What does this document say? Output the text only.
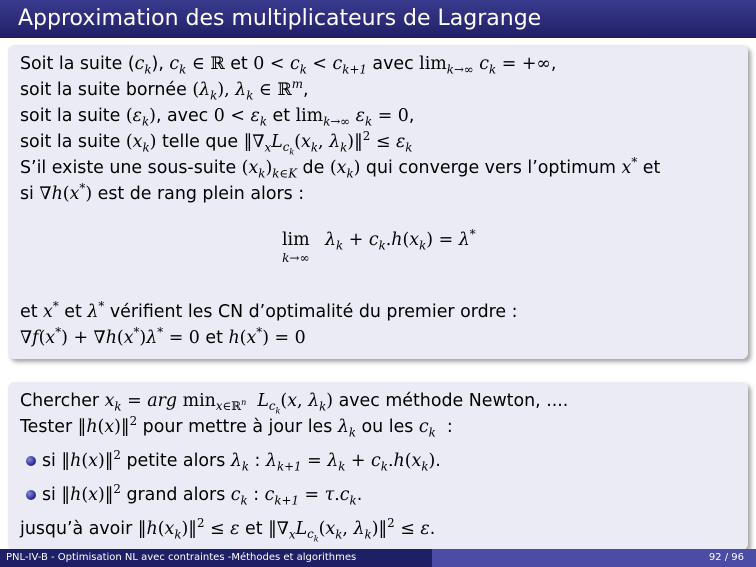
Approximation des multiplicateurs de Lagrange
Soit la suite $(c_k)$, $c_k$ ∈ ℝ et $0 < c_k < c_{k+1}$ avec $\lim_{k\to\infty} c_k$ = +∞,
soit la suite bornée $(\lambda_k)$, $\lambda_k$ ∈ ℝ$^m$,
soit la suite $(\varepsilon_k)$, avec $0 < \varepsilon_k$ et $\lim_{k\to\infty} \varepsilon_k = 0$,
soit la suite $(x_k)$ telle que $‖\nabla_xL_{c_k}(x_k$, $\lambda_k)‖^2 \le \varepsilon_k$
S’il existe une sous-suite $(x_k)_{k\in K}$ de $(x_k)$ qui converge vers l’optimum x* et
si ∇h(x*) est de rang plein alors :
lim
k→∞
$\lambda_k + c_k.h(x_k) = \lambda^*$
et x* et λ* vérifient les CN d’optimalité du premier ordre :
∇f(x*) + ∇h(x*)λ* = 0 et h(x*) = 0
Chercher $x_k$ = arg $\min_{x\in ℝ^n} L_{c_k}(x$, $\lambda_k$) avec méthode Newton, ....
Tester ‖h(x)‖$^2$ pour mettre à jour les $\lambda_k$ ou les $c_k$  :
si ‖h(x)‖$^2$ petite alors $\lambda_k$ : $\lambda_{k+1} = \lambda_k + c_k.h(x_k)$.
si ‖h(x)‖$^2$ grand alors $c_k$ : $c_{k+1} = \tau.c_k$.
jusqu’à avoir $‖h(x_k)‖^2 \le \varepsilon$ et $‖\nabla_xL_{c_k}(x_k$, $\lambda_k)‖^2 \le \varepsilon$.
PNL-IV-B - Optimisation NL avec contraintes -Méthodes et algorithmes	92 / 96
